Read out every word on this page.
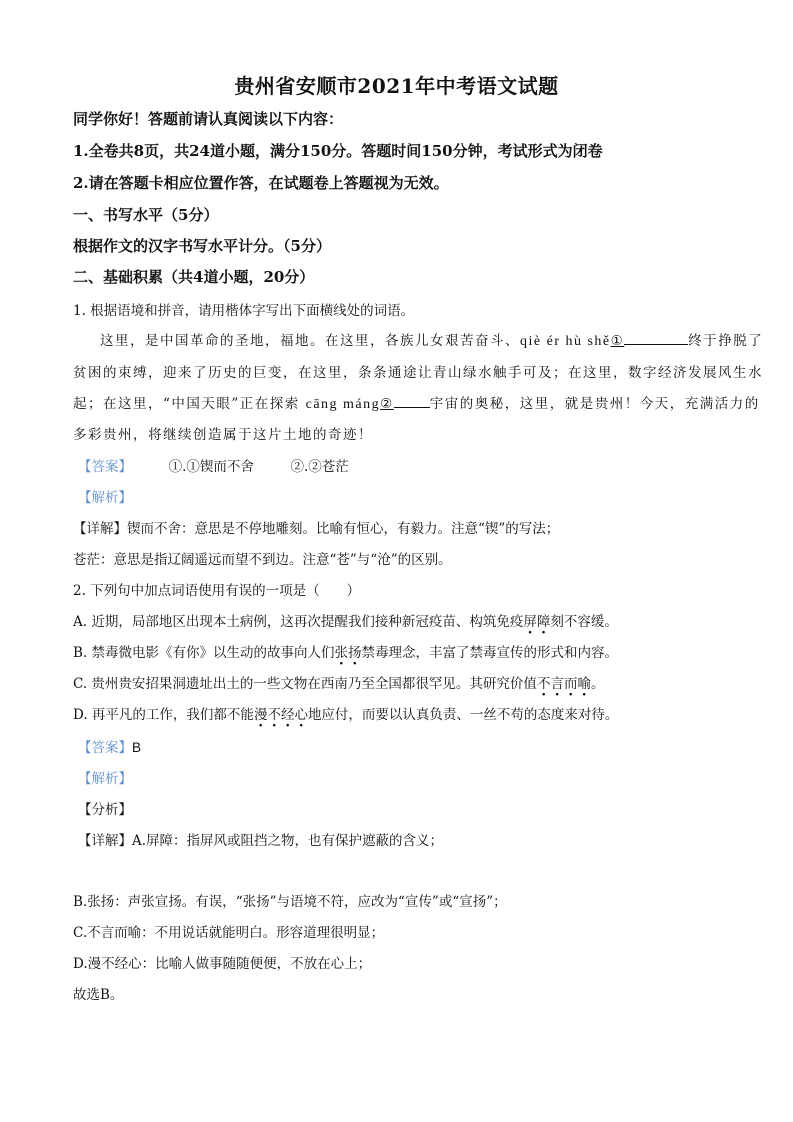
贵州省安顺市2021年中考语文试题
同学你好！答题前请认真阅读以下内容：
1.全卷共8页，共24道小题，满分150分。答题时间150分钟，考试形式为闭卷
2.请在答题卡相应位置作答，在试题卷上答题视为无效。
一、书写水平（5分）
根据作文的汉字书写水平计分。（5分）
二、基础积累（共4道小题，20分）
1. 根据语境和拼音，请用楷体字写出下面横线处的词语。
这里，是中国革命的圣地，福地。在这里，各族儿女艰苦奋斗、qiè ér hù shě①	终于挣脱了
贫困的束缚，迎来了历史的巨变，在这里，条条通途让青山绿水触手可及；在这里，数字经济发展风生水
起；在这里，“中国天眼”正在探索 cāng máng②	宇宙的奥秘，这里，就是贵州！今天，充满活力的
多彩贵州，将继续创造属于这片土地的奇迹！
【答案】	①.①锲而不舍	②.②苍茫
【解析】
【详解】锲而不舍：意思是不停地雕刻。比喻有恒心，有毅力。注意“锲”的写法；
苍茫：意思是指辽阔遥远而望不到边。注意“苍”与“沧”的区别。
2. 下列句中加点词语使用有误的一项是（　　）
A. 近期，局部地区出现本土病例，这再次提醒我们接种新冠疫苗、构筑免疫屏障刻不容缓。
B. 禁毒微电影《有你》以生动的故事向人们张扬禁毒理念，丰富了禁毒宣传的形式和内容。
C. 贵州贵安招果洞遗址出土的一些文物在西南乃至全国都很罕见。其研究价值不言而喻。
D. 再平凡的工作，我们都不能漫不经心地应付，而要以认真负责、一丝不苟的态度来对待。
【答案】B
【解析】
【分析】
【详解】A.屏障：指屏风或阻挡之物，也有保护遮蔽的含义；
B.张扬：声张宣扬。有误，“张扬”与语境不符，应改为“宣传”或“宣扬”；
C.不言而喻：不用说话就能明白。形容道理很明显；
D.漫不经心：比喻人做事随随便便，不放在心上；
故选B。
